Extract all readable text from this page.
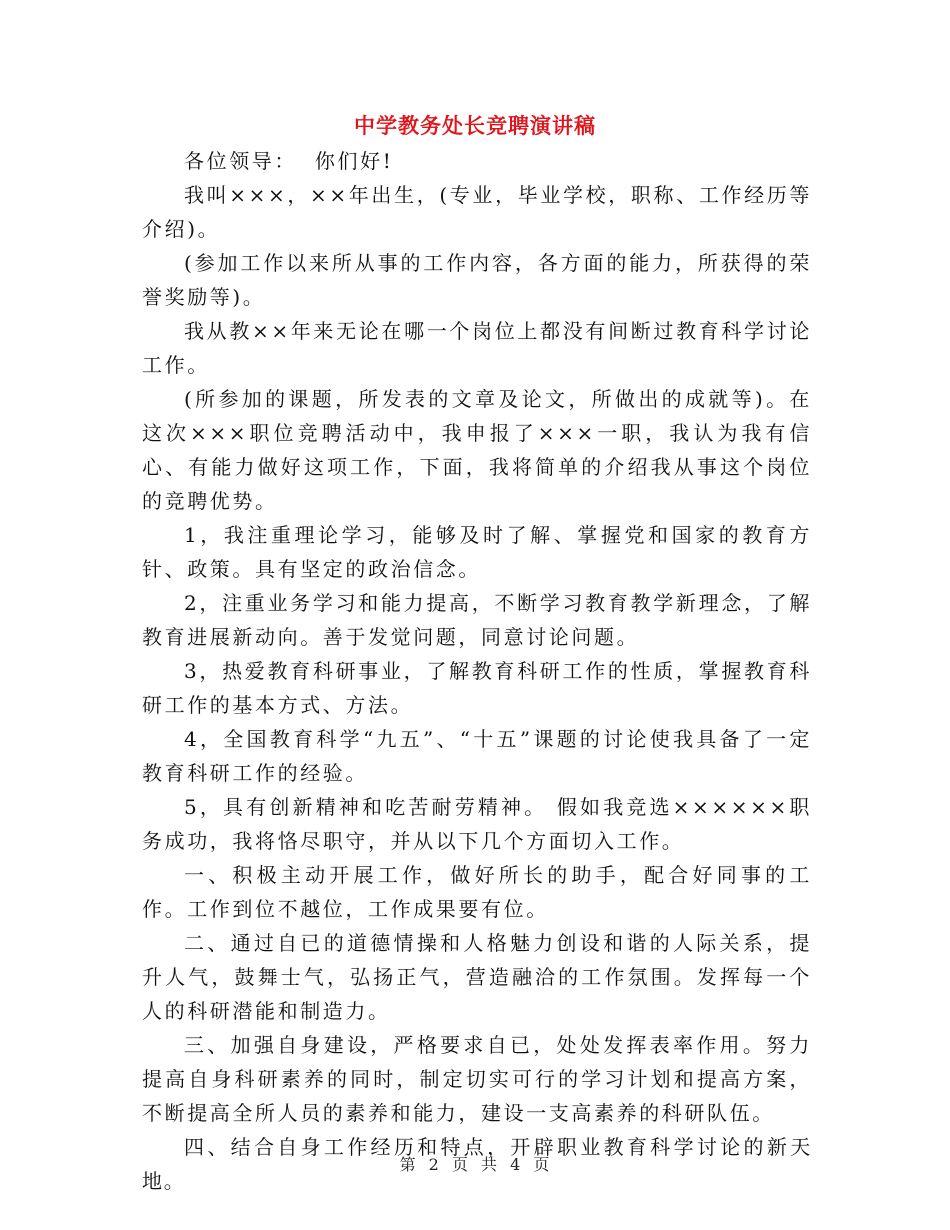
中学教务处长竞聘演讲稿

各位领导：  你们好!

我叫×××，××年出生，(专业，毕业学校，职称、工作经历等介绍)。

(参加工作以来所从事的工作内容，各方面的能力，所获得的荣誉奖励等)。

我从教××年来无论在哪一个岗位上都没有间断过教育科学讨论工作。

(所参加的课题，所发表的文章及论文，所做出的成就等)。在这次×××职位竞聘活动中，我申报了×××一职，我认为我有信心、有能力做好这项工作，下面，我将简单的介绍我从事这个岗位的竞聘优势。

1，我注重理论学习，能够及时了解、掌握党和国家的教育方针、政策。具有坚定的政治信念。

2，注重业务学习和能力提高，不断学习教育教学新理念，了解教育进展新动向。善于发觉问题，同意讨论问题。

3，热爱教育科研事业，了解教育科研工作的性质，掌握教育科研工作的基本方式、方法。

4，全国教育科学“九五”、“十五”课题的讨论使我具备了一定教育科研工作的经验。

5，具有创新精神和吃苦耐劳精神。 假如我竞选××××××职务成功，我将恪尽职守，并从以下几个方面切入工作。

一、积极主动开展工作，做好所长的助手，配合好同事的工作。工作到位不越位，工作成果要有位。

二、通过自已的道德情操和人格魅力创设和谐的人际关系，提升人气，鼓舞士气，弘扬正气，营造融洽的工作氛围。发挥每一个人的科研潜能和制造力。

三、加强自身建设，严格要求自已，处处发挥表率作用。努力提高自身科研素养的同时，制定切实可行的学习计划和提高方案，不断提高全所人员的素养和能力，建设一支高素养的科研队伍。

四、结合自身工作经历和特点，开辟职业教育科学讨论的新天地。

第 2 页 共 4 页
